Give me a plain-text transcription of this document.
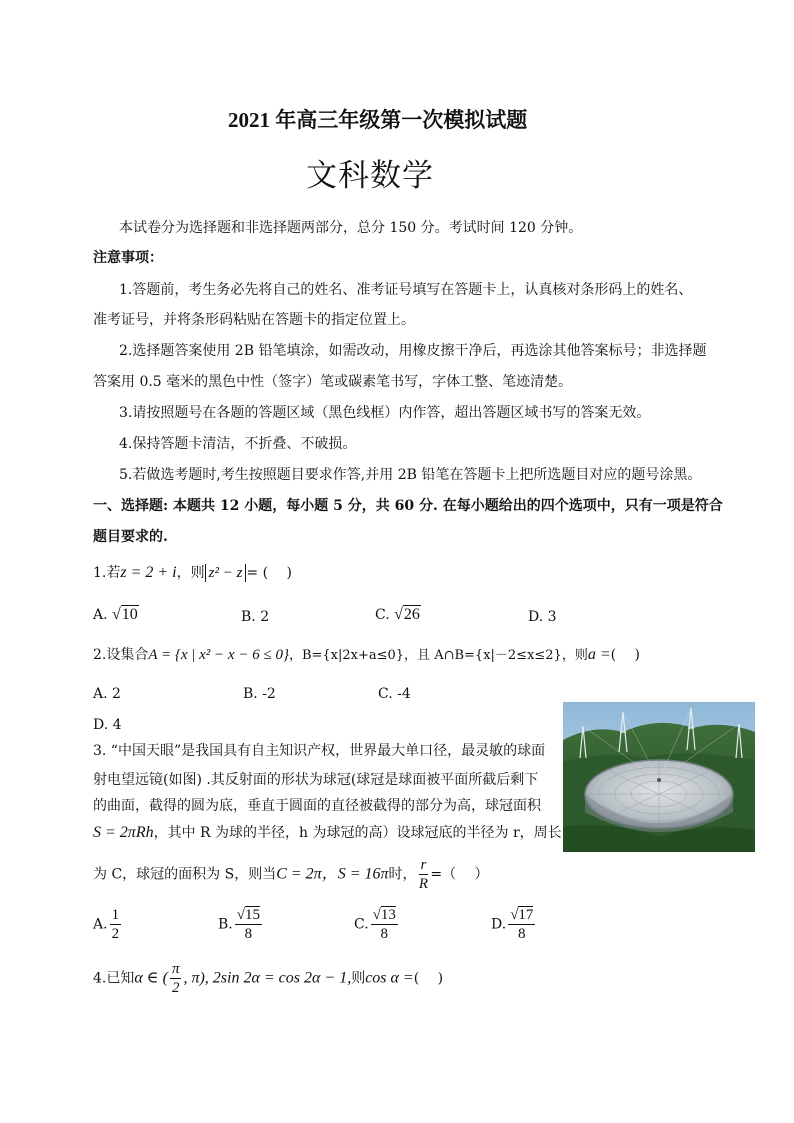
2021 年高三年级第一次模拟试题
文科数学
本试卷分为选择题和非选择题两部分，总分 150 分。考试时间 120 分钟。
注意事项：
1.答题前，考生务必先将自己的姓名、准考证号填写在答题卡上，认真核对条形码上的姓名、
准考证号，并将条形码粘贴在答题卡的指定位置上。
2.选择题答案使用 2B 铅笔填涂，如需改动，用橡皮擦干净后，再选涂其他答案标号；非选择题
答案用 0.5 毫米的黑色中性（签字）笔或碳素笔书写，字体工整、笔迹清楚。
3.请按照题号在各题的答题区域（黑色线框）内作答，超出答题区域书写的答案无效。
4.保持答题卡清洁，不折叠、不破损。
5.若做选考题时,考生按照题目要求作答,并用 2B 铅笔在答题卡上把所选题目对应的题号涂黑。
一、选择题: 本题共 12 小题，每小题 5 分，共 60 分. 在每小题给出的四个选项中，只有一项是符合
题目要求的.
1.若z = 2 + i，则 z² − z = (　 )
A. √10	B. 2	C. √26	D. 3
2.设集合A = {x | x² − x − 6 ≤ 0}，B={x|2x+a≤0}，且 A∩B={x|－2≤x≤2}，则a =(　 )
A. 2	B. -2	C. -4
D. 4
3. “中国天眼”是我国具有自主知识产权，世界最大单口径，最灵敏的球面
射电望远镜(如图) .其反射面的形状为球冠(球冠是球面被平面所截后剩下
的曲面，截得的圆为底，垂直于圆面的直径被截得的部分为高，球冠面积
S = 2πRh，其中 R 为球的半径，h 为球冠的高）设球冠底的半径为 r，周长
为 C，球冠的面积为 S，则当C = 2π，S = 16π时， $\frac{r}{R}$ =（　 ）
A. $\frac{1}{2}$	B. $\frac{√15}{8}$	C. $\frac{√13}{8}$	D. $\frac{√17}{8}$
4.已知α ∈ ( $\frac{\pi}{2}$ , π), 2sin 2α = cos 2α − 1,则cos α =(　 )
